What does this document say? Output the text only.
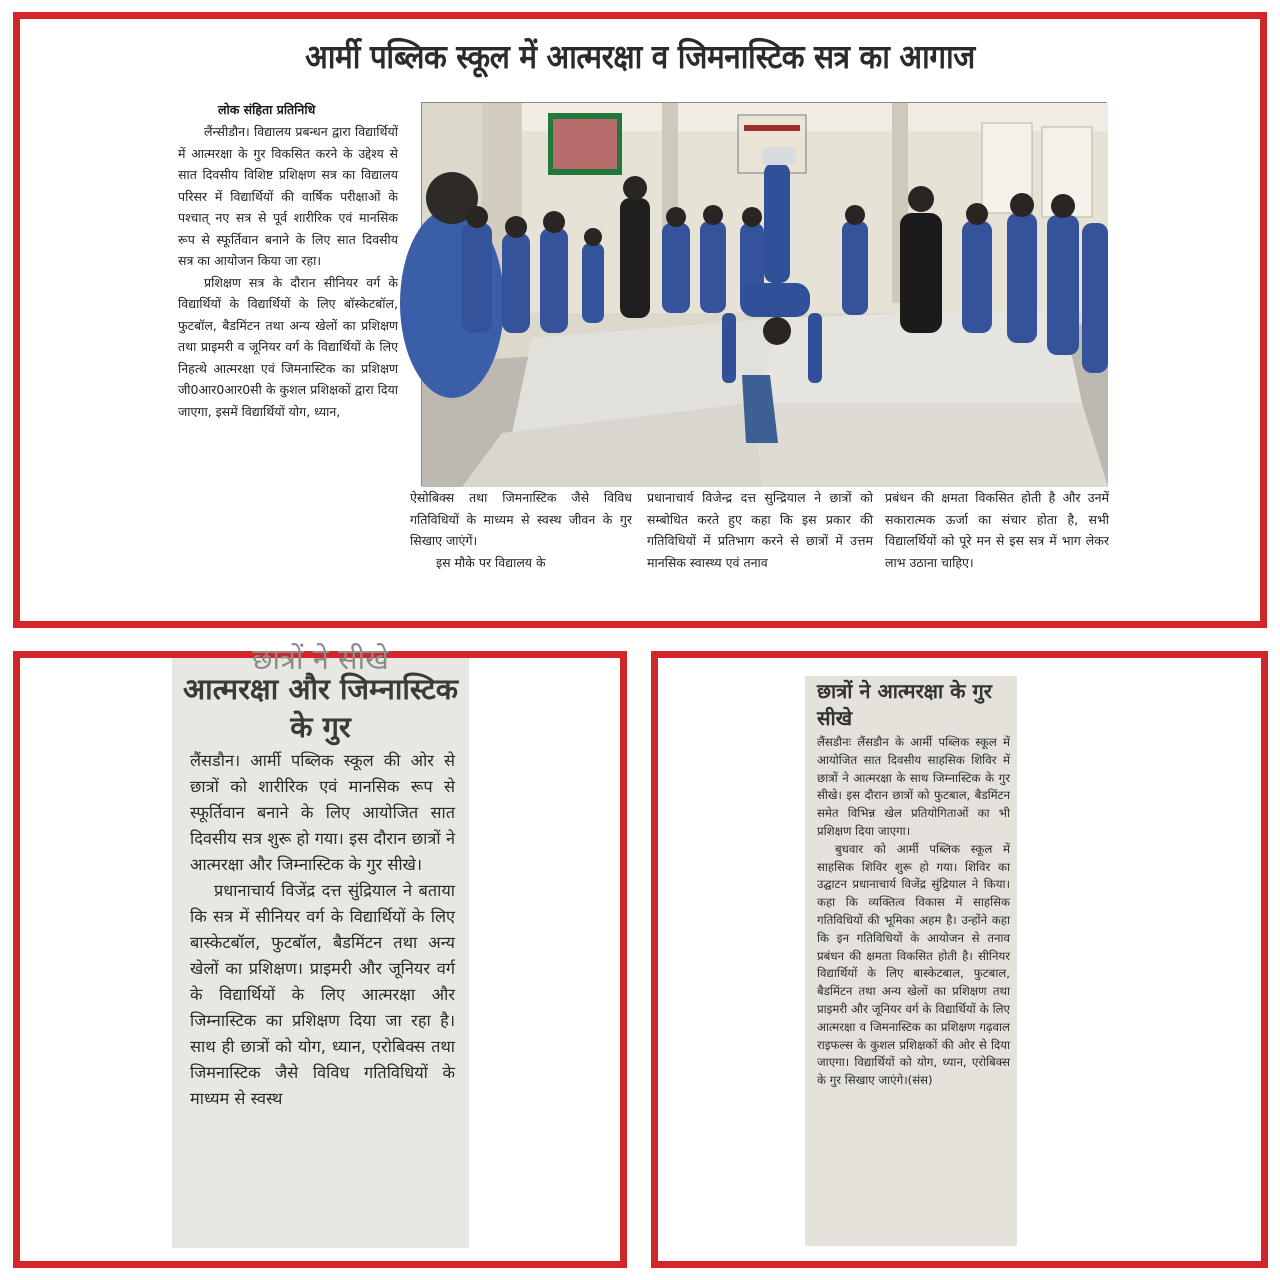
आर्मी पब्लिक स्कूल में आत्मरक्षा व जिमनास्टिक सत्र का आगाज
लोक संहिता प्रतिनिधि

लैंन्सीडौन। विद्यालय प्रबन्धन द्वारा विद्यार्थियों में आत्मरक्षा के गुर विकसित करने के उद्देश्य से सात दिवसीय विशिष्ट प्रशिक्षण सत्र का विद्यालय परिसर में विद्यार्थियों की वार्षिक परीक्षाओं के पश्चात् नए सत्र से पूर्व शारीरिक एवं मानसिक रूप से स्फूर्तिवान बनाने के लिए सात दिवसीय सत्र का आयोजन किया जा रहा।

प्रशिक्षण सत्र के दौरान सीनियर वर्ग के विद्यार्थियों के विद्यार्थियों के लिए बॉस्केटबॉल, फुटबॉल, बैडमिंटन तथा अन्य खेलों का प्रशिक्षण तथा प्राइमरी व जूनियर वर्ग के विद्यार्थियों के लिए निहत्थे आत्मरक्षा एवं जिमनास्टिक का प्रशिक्षण जी0आर0आर0सी के कुशल प्रशिक्षकों द्वारा दिया जाएगा, इसमें विद्यार्थियों योग, ध्यान,

ऐसोबिक्स तथा जिमनास्टिक जैसे विविध गतिविधियों के माध्यम से स्वस्थ जीवन के गुर सिखाए जाएंगें।

इस मौके पर विद्यालय के

प्रधानाचार्य विजेन्द्र दत्त सुन्द्रियाल ने छात्रों को सम्बोधित करते हुए कहा कि इस प्रकार की गतिविधियों में प्रतिभाग करने से छात्रों में उत्तम मानसिक स्वास्थ्य एवं तनाव

प्रबंधन की क्षमता विकसित होती है और उनमें सकारात्मक ऊर्जा का संचार होता है, सभी विद्यालर्थियों को पूरे मन से इस सत्र में भाग लेकर लाभ उठाना चाहिए।

छात्रों ने सीखे
आत्मरक्षा और जिम्नास्टिक के गुर

लैंसडौन। आर्मी पब्लिक स्कूल की ओर से छात्रों को शारीरिक एवं मानसिक रूप से स्फूर्तिवान बनाने के लिए आयोजित सात दिवसीय सत्र शुरू हो गया। इस दौरान छात्रों ने आत्मरक्षा और जिम्नास्टिक के गुर सीखे।

प्रधानाचार्य विजेंद्र दत्त सुंद्रियाल ने बताया कि सत्र में सीनियर वर्ग के विद्यार्थियों के लिए बास्केटबॉल, फुटबॉल, बैडमिंटन तथा अन्य खेलों का प्रशिक्षण। प्राइमरी और जूनियर वर्ग के विद्यार्थियों के लिए आत्मरक्षा और जिम्नास्टिक का प्रशिक्षण दिया जा रहा है। साथ ही छात्रों को योग, ध्यान, एरोबिक्स तथा जिमनास्टिक जैसे विविध गतिविधियों के माध्यम से स्वस्थ

छात्रों ने आत्मरक्षा के गुर सीखे

लैंसडौनः लैंसडौन के आर्मी पब्लिक स्कूल में आयोजित सात दिवसीय साहसिक शिविर में छात्रों ने आत्मरक्षा के साथ जिम्नास्टिक के गुर सीखे। इस दौरान छात्रों को फुटबाल, बैडमिंटन समेत विभिन्न खेल प्रतियोगिताओं का भी प्रशिक्षण दिया जाएगा।

बुधवार को आर्मी पब्लिक स्कूल में साहसिक शिविर शुरू हो गया। शिविर का उद्घाटन प्रधानाचार्य विजेंद्र सुंद्रियाल ने किया। कहा कि व्यक्तित्व विकास में साहसिक गतिविधियों की भूमिका अहम है। उन्होंने कहा कि इन गतिविधियों के आयोजन से तनाव प्रबंधन की क्षमता विकसित होती है। सीनियर विद्यार्थियों के लिए बास्केटबाल, फुटबाल, बैडमिंटन तथा अन्य खेलों का प्रशिक्षण तथा प्राइमरी और जूनियर वर्ग के विद्यार्थियों के लिए आत्मरक्षा व जिमनास्टिक का प्रशिक्षण गढ़वाल राइफल्स के कुशल प्रशिक्षकों की ओर से दिया जाएगा। विद्यार्थियों को योग, ध्यान, एरोबिक्स के गुर सिखाए जाएंगे।(संस)
